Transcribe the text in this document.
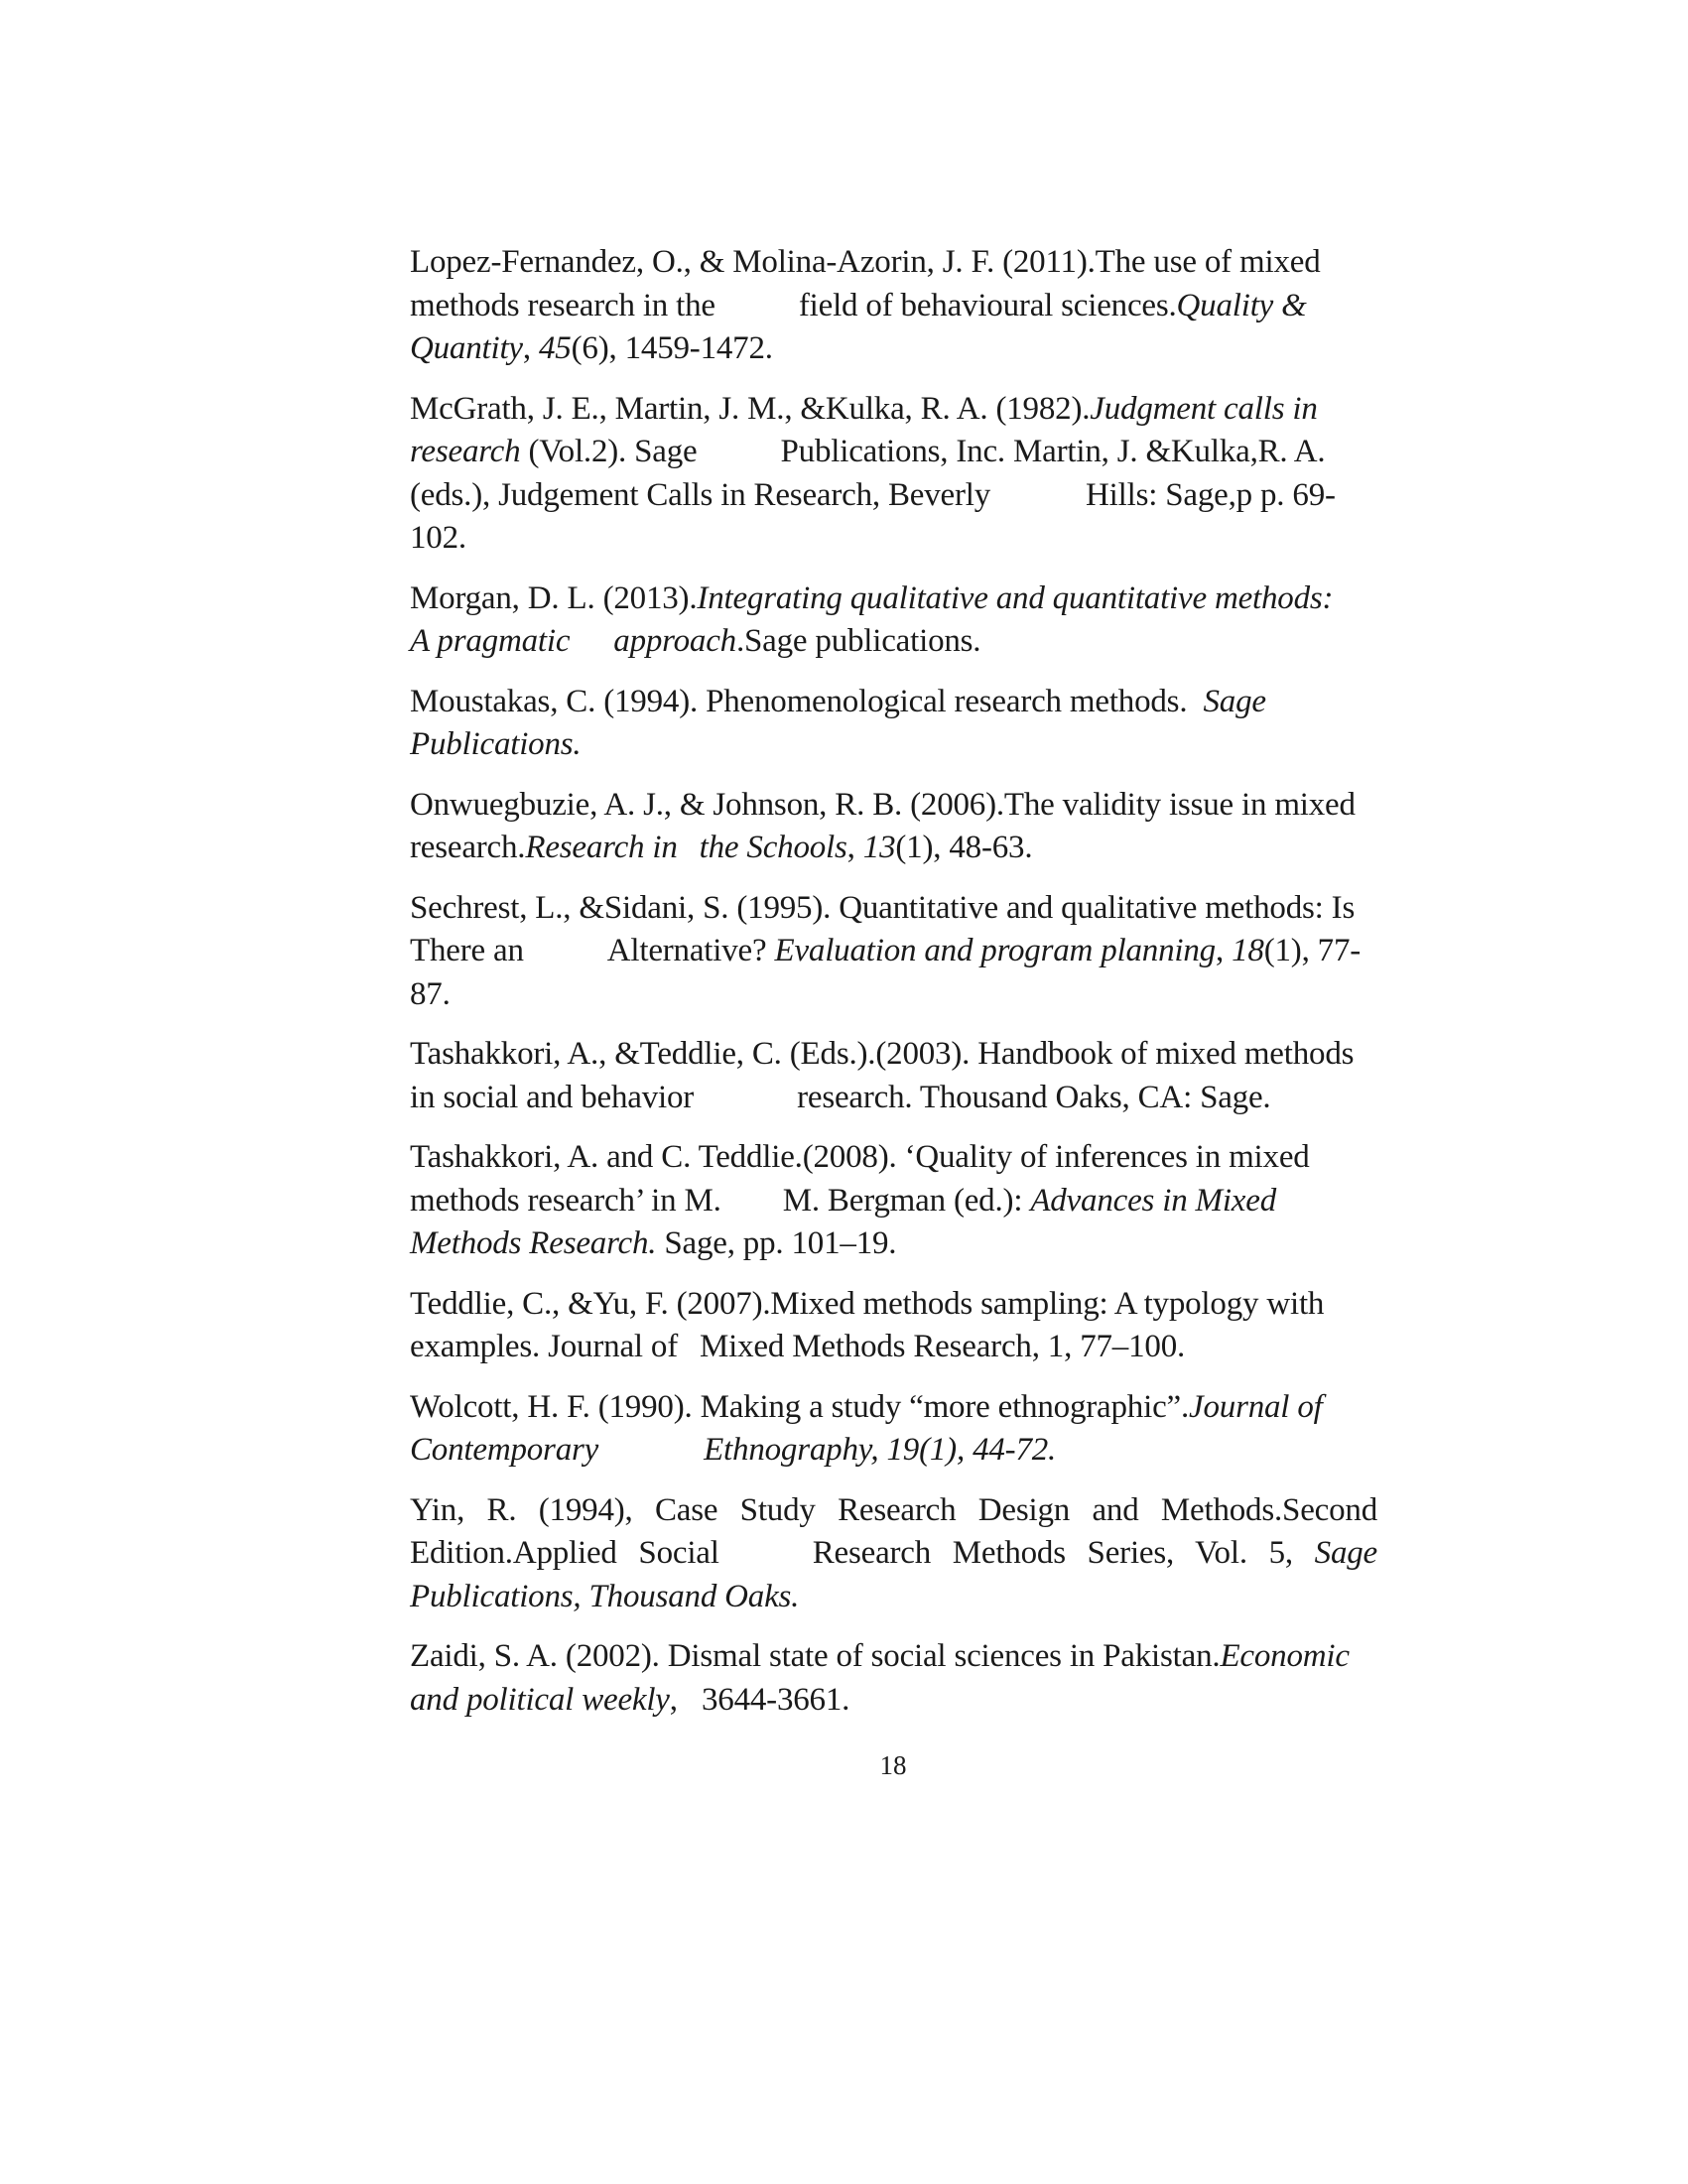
Lopez-Fernandez, O., & Molina-Azorin, J. F. (2011).The use of mixed
methods research in the	field of behavioural sciences.Quality &
Quantity, 45(6), 1459-1472.

McGrath, J. E., Martin, J. M., &Kulka, R. A. (1982).Judgment calls in
research (Vol.2). Sage	Publications, Inc. Martin, J. &Kulka,R. A.
(eds.), Judgement Calls in Research, Beverly	Hills: Sage,p p. 69-
102.

Morgan, D. L. (2013).Integrating qualitative and quantitative methods:
A pragmatic approach.Sage publications.

Moustakas, C. (1994). Phenomenological research methods.  Sage
Publications.

Onwuegbuzie, A. J., & Johnson, R. B. (2006).The validity issue in mixed
research.Research in the Schools, 13(1), 48-63.

Sechrest, L., &Sidani, S. (1995). Quantitative and qualitative methods: Is
There an	Alternative? Evaluation and program planning, 18(1), 77-
87.

Tashakkori, A., &Teddlie, C. (Eds.).(2003). Handbook of mixed methods
in social and behavior	research. Thousand Oaks, CA: Sage.

Tashakkori, A. and C. Teddlie.(2008). ‘Quality of inferences in mixed
methods research’ in M. M. Bergman (ed.): Advances in Mixed
Methods Research. Sage, pp. 101–19.

Teddlie, C., &Yu, F. (2007).Mixed methods sampling: A typology with
examples. Journal of Mixed Methods Research, 1, 77–100.

Wolcott, H. F. (1990). Making a study “more ethnographic”.Journal of
Contemporary	Ethnography, 19(1), 44-72.

Yin, R. (1994), Case Study Research Design and Methods.Second
Edition.Applied Social	Research Methods Series, Vol. 5, Sage
Publications, Thousand Oaks.

Zaidi, S. A. (2002). Dismal state of social sciences in Pakistan.Economic
and political weekly,   3644-3661.

18
